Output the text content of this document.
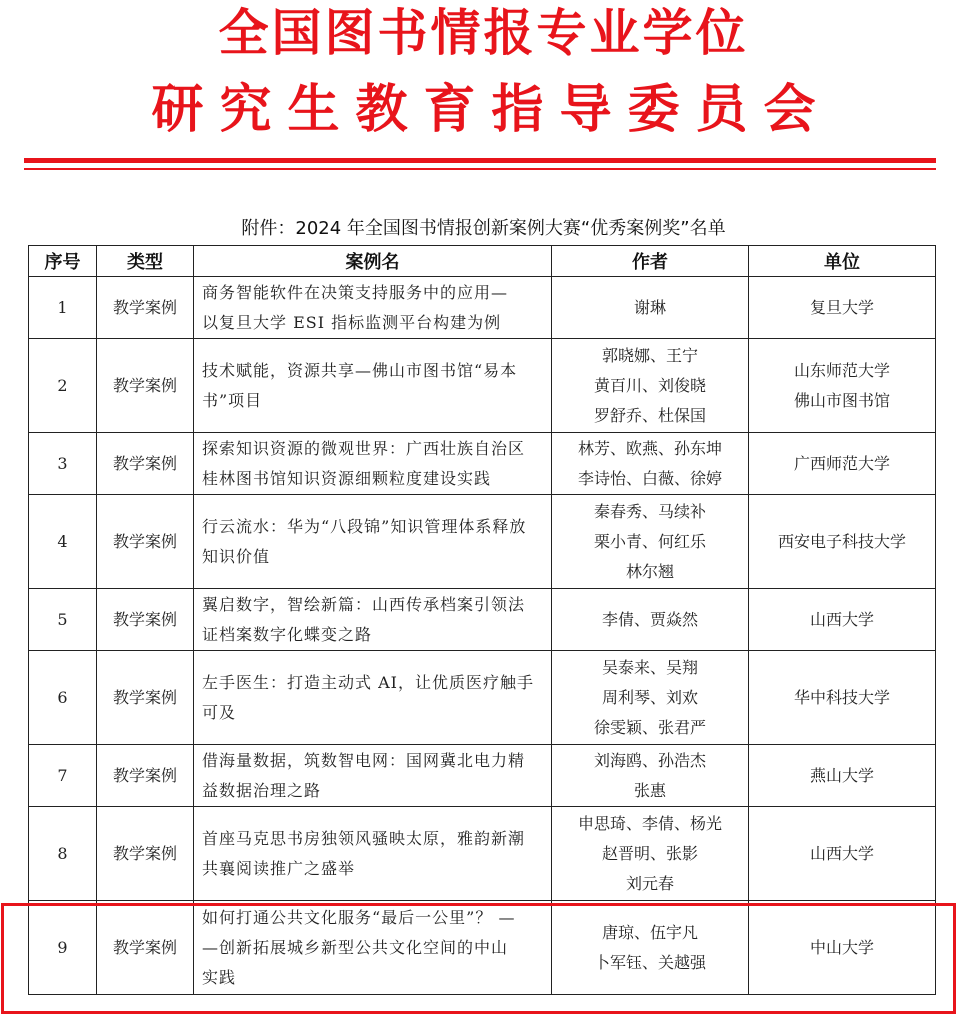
全国图书情报专业学位
研究生教育指导委员会
附件：2024 年全国图书情报创新案例大赛“优秀案例奖”名单
序号	类型	案例名	作者	单位
1	教学案例	商务智能软件在决策支持服务中的应用—
以复旦大学 ESI 指标监测平台构建为例	谢琳	复旦大学

2	教学案例	技术赋能，资源共享—佛山市图书馆“易本
书”项目	郭晓娜、王宁
黄百川、刘俊晓
罗舒乔、杜保国	山东师范大学
佛山市图书馆

3	教学案例	探索知识资源的微观世界：广西壮族自治区
桂林图书馆知识资源细颗粒度建设实践	林芳、欧燕、孙东坤
李诗怡、白薇、徐婷	广西师范大学

4	教学案例	行云流水：华为“八段锦”知识管理体系释放
知识价值	秦春秀、马续补
栗小青、何红乐
林尔翘	西安电子科技大学

5	教学案例	翼启数字，智绘新篇：山西传承档案引领法
证档案数字化蝶变之路	李倩、贾焱然	山西大学

6	教学案例	左手医生：打造主动式 AI，让优质医疗触手
可及	吴泰来、吴翔
周利琴、刘欢
徐雯颖、张君严	华中科技大学

7	教学案例	借海量数据，筑数智电网：国网冀北电力精
益数据治理之路	刘海鸥、孙浩杰
张惠	燕山大学

8	教学案例	首座马克思书房独领风骚映太原，雅韵新潮
共襄阅读推广之盛举	申思琦、李倩、杨光
赵晋明、张影
刘元春	山西大学

9	教学案例	如何打通公共文化服务“最后一公里”？ —
—创新拓展城乡新型公共文化空间的中山
实践	唐琼、伍宇凡
卜军钰、关越强	中山大学
